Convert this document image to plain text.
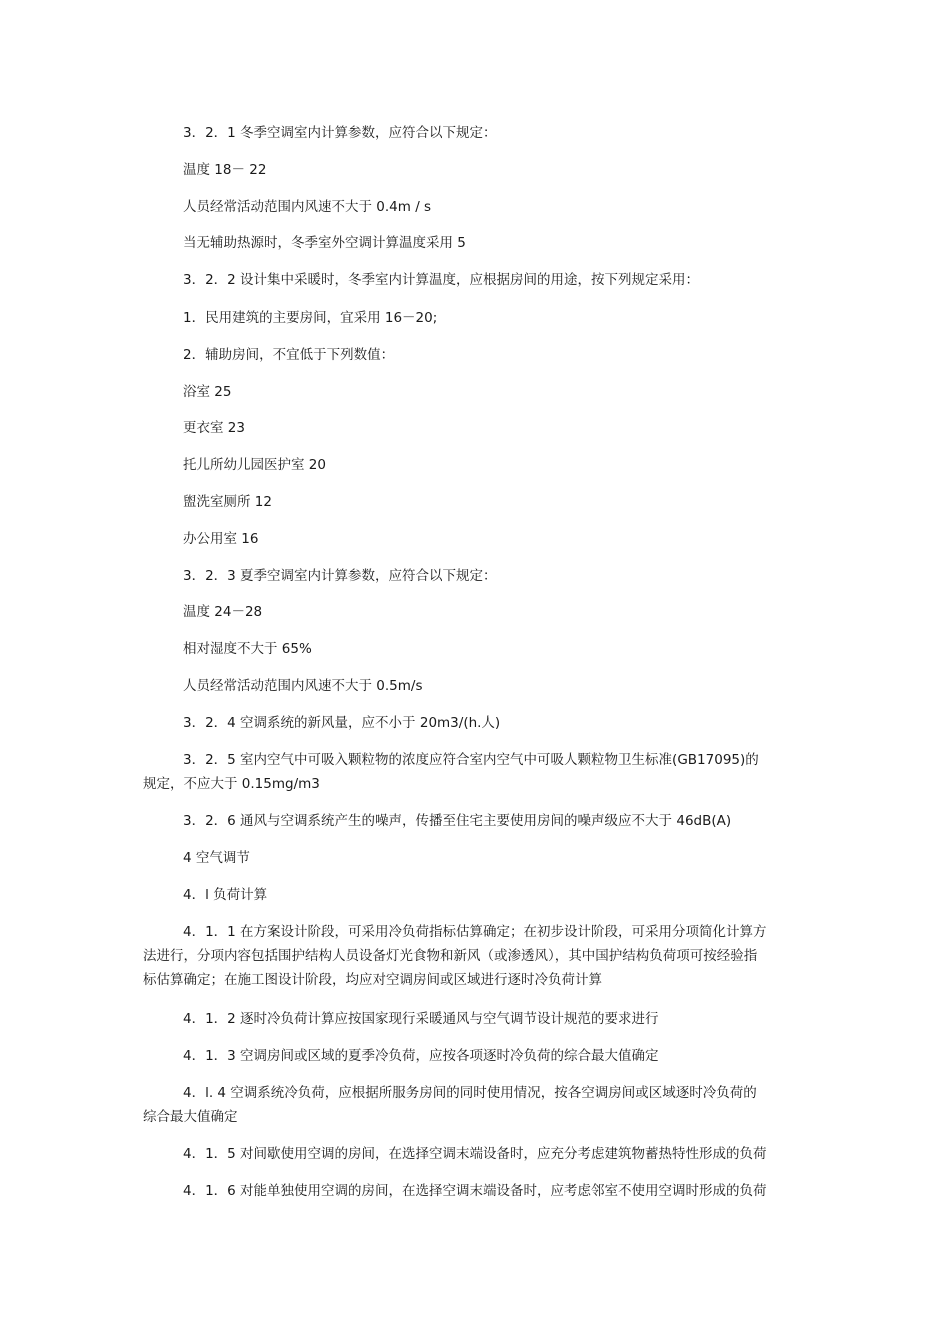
3．2．1 冬季空调室内计算参数，应符合以下规定：
温度 18－ 22
人员经常活动范围内风速不大于 0.4m / s
当无辅助热源时，冬季室外空调计算温度采用 5
3．2．2 设计集中采暖时，冬季室内计算温度，应根据房间的用途，按下列规定采用：
1．民用建筑的主要房间，宜采用 16－20;
2．辅助房间，不宜低于下列数值：
浴室 25
更衣室 23
托儿所幼儿园医护室 20
盥洗室厕所 12
办公用室 16
3．2．3 夏季空调室内计算参数，应符合以下规定：
温度 24－28
相对湿度不大于 65%
人员经常活动范围内风速不大于 0.5m/s
3．2．4 空调系统的新风量，应不小于 20m3/(h.人)
3．2．5 室内空气中可吸入颗粒物的浓度应符合室内空气中可吸人颗粒物卫生标准(GB17095)的规定，不应大于 0.15mg/m3
3．2．6 通风与空调系统产生的噪声，传播至住宅主要使用房间的噪声级应不大于 46dB(A)
4 空气调节
4．l 负荷计算
4．1．1 在方案设计阶段，可采用冷负荷指标估算确定；在初步设计阶段，可采用分项简化计算方法进行，分项内容包括围护结构人员设备灯光食物和新风（或渗透风），其中国护结构负荷项可按经验指标估算确定；在施工图设计阶段，均应对空调房间或区域进行逐时冷负荷计算
4．1．2 逐时冷负荷计算应按国家现行采暖通风与空气调节设计规范的要求进行
4．1．3 空调房间或区域的夏季冷负荷，应按各项逐时冷负荷的综合最大值确定
4．l. 4 空调系统冷负荷，应根据所服务房间的同时使用情况，按各空调房间或区域逐时冷负荷的综合最大值确定
4．1．5 对间歇使用空调的房间，在选择空调末端设备时，应充分考虑建筑物蓄热特性形成的负荷
4．1．6 对能单独使用空调的房间，在选择空调末端设备时，应考虑邻室不使用空调时形成的负荷
